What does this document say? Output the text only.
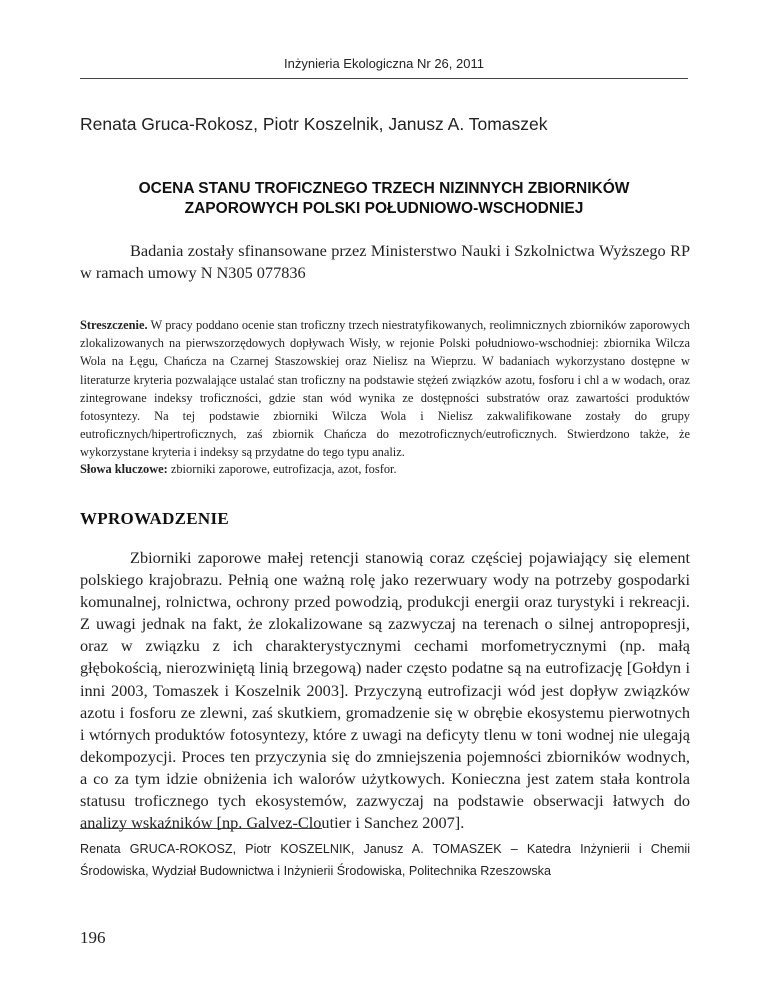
Inżynieria Ekologiczna Nr 26, 2011
Renata Gruca-Rokosz, Piotr Koszelnik, Janusz A. Tomaszek
OCENA STANU TROFICZNEGO TRZECH NIZINNYCH ZBIORNIKÓW
ZAPOROWYCH POLSKI POŁUDNIOWO-WSCHODNIEJ

Badania zostały sfinansowane przez Ministerstwo Nauki i Szkolnictwa Wyższego RP w ramach umowy N N305 077836

Streszczenie. W pracy poddano ocenie stan troficzny trzech niestratyfikowanych, reolimnicznych zbiorników zaporowych zlokalizowanych na pierwszorzędowych dopływach Wisły, w rejonie Polski południowo-wschodniej: zbiornika Wilcza Wola na Łęgu, Chańcza na Czarnej Staszowskiej oraz Nielisz na Wieprzu. W badaniach wykorzystano dostępne w literaturze kryteria pozwalające ustalać stan troficzny na podstawie stężeń związków azotu, fosforu i chl a w wodach, oraz zintegrowane indeksy troficzności, gdzie stan wód wynika ze dostępności substratów oraz zawartości produktów fotosyntezy. Na tej podstawie zbiorniki Wilcza Wola i Nielisz zakwalifikowane zostały do grupy eutroficznych/hipertroficznych, zaś zbiornik Chańcza do mezotroficznych/eutroficznych. Stwierdzono także, że wykorzystane kryteria i indeksy są przydatne do tego typu analiz.

Słowa kluczowe: zbiorniki zaporowe, eutrofizacja, azot, fosfor.

WPROWADZENIE

Zbiorniki zaporowe małej retencji stanowią coraz częściej pojawiający się element polskiego krajobrazu. Pełnią one ważną rolę jako rezerwuary wody na potrzeby gospodarki komunalnej, rolnictwa, ochrony przed powodzią, produkcji energii oraz turystyki i rekreacji. Z uwagi jednak na fakt, że zlokalizowane są zazwyczaj na terenach o silnej antropopresji, oraz w związku z ich charakterystycznymi cechami morfometrycznymi (np. małą głębokością, nierozwiniętą linią brzegową) nader często podatne są na eutrofizację [Gołdyn i inni 2003, Tomaszek i Koszelnik 2003]. Przyczyną eutrofizacji wód jest dopływ związków azotu i fosforu ze zlewni, zaś skutkiem, gromadzenie się w obrębie ekosystemu pierwotnych i wtórnych produktów fotosyntezy, które z uwagi na deficyty tlenu w toni wodnej nie ulegają dekompozycji. Proces ten przyczynia się do zmniejszenia pojemności zbiorników wodnych, a co za tym idzie obniżenia ich walorów użytkowych. Konieczna jest zatem stała kontrola statusu troficznego tych ekosystemów, zazwyczaj na podstawie obserwacji łatwych do analizy wskaźników [np. Galvez-Cloutier i Sanchez 2007].

Renata GRUCA-ROKOSZ, Piotr KOSZELNIK, Janusz A. TOMASZEK – Katedra Inżynierii i Chemii Środowiska, Wydział Budownictwa i Inżynierii Środowiska, Politechnika Rzeszowska

196
